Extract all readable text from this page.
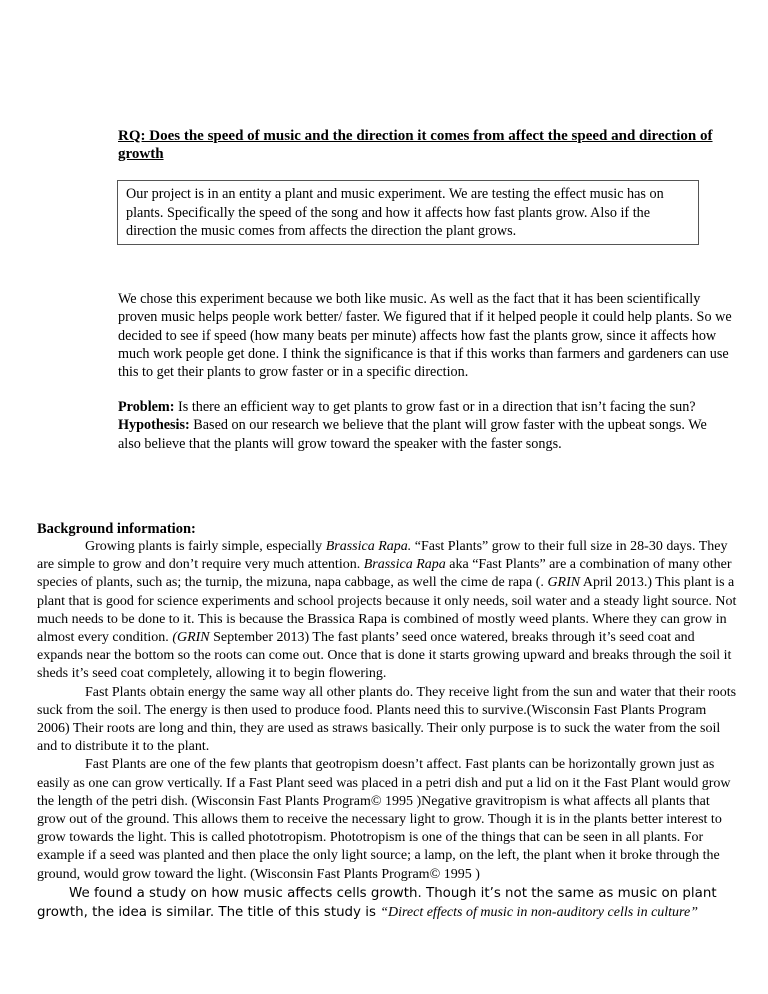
RQ: Does the speed of music and the direction it comes from affect the speed and direction of growth
Our project is in an entity a plant and music experiment. We are testing the effect music has on plants. Specifically the speed of the song and how it affects how fast plants grow. Also if the direction the music comes from affects the direction the plant grows.
We chose this experiment because we both like music. As well as the fact that it has been scientifically proven music helps people work better/ faster. We figured that if it helped people it could help plants. So we decided to see if speed (how many beats per minute) affects how fast the plants grow, since it affects how much work people get done. I think the significance is that if this works than farmers and gardeners can use this to get their plants to grow faster or in a specific direction.
Problem: Is there an efficient way to get plants to grow fast or in a direction that isn’t facing the sun?
Hypothesis: Based on our research we believe that the plant will grow faster with the upbeat songs. We also believe that the plants will grow toward the speaker with the faster songs.
Background information:

Growing plants is fairly simple, especially Brassica Rapa. “Fast Plants” grow to their full size in 28-30 days. They are simple to grow and don’t require very much attention. Brassica Rapa aka “Fast Plants” are a combination of many other species of plants, such as; the turnip, the mizuna, napa cabbage, as well the cime de rapa (. GRIN April 2013.) This plant is a plant that is good for science experiments and school projects because it only needs, soil water and a steady light source. Not much needs to be done to it. This is because the Brassica Rapa is combined of mostly weed plants. Where they can grow in almost every condition. (GRIN September 2013) The fast plants’ seed once watered, breaks through it’s seed coat and expands near the bottom so the roots can come out. Once that is done it starts growing upward and breaks through the soil it sheds it’s seed coat completely, allowing it to begin flowering.

Fast Plants obtain energy the same way all other plants do. They receive light from the sun and water that their roots suck from the soil. The energy is then used to produce food. Plants need this to survive.(Wisconsin Fast Plants Program 2006) Their roots are long and thin, they are used as straws basically. Their only purpose is to suck the water from the soil and to distribute it to the plant.

Fast Plants are one of the few plants that geotropism doesn’t affect. Fast plants can be horizontally grown just as easily as one can grow vertically. If a Fast Plant seed was placed in a petri dish and put a lid on it the Fast Plant would grow the length of the petri dish. (Wisconsin Fast Plants Program© 1995 )Negative gravitropism is what affects all plants that grow out of the ground. This allows them to receive the necessary light to grow. Though it is in the plants better interest to grow towards the light. This is called phototropism. Phototropism is one of the things that can be seen in all plants. For example if a seed was planted and then place the only light source; a lamp, on the left, the plant when it broke through the ground, would grow toward the light. (Wisconsin Fast Plants Program© 1995 )

We found a study on how music affects cells growth. Though it’s not the same as music on plant growth, the idea is similar. The title of this study is “Direct effects of music in non-auditory cells in culture”
